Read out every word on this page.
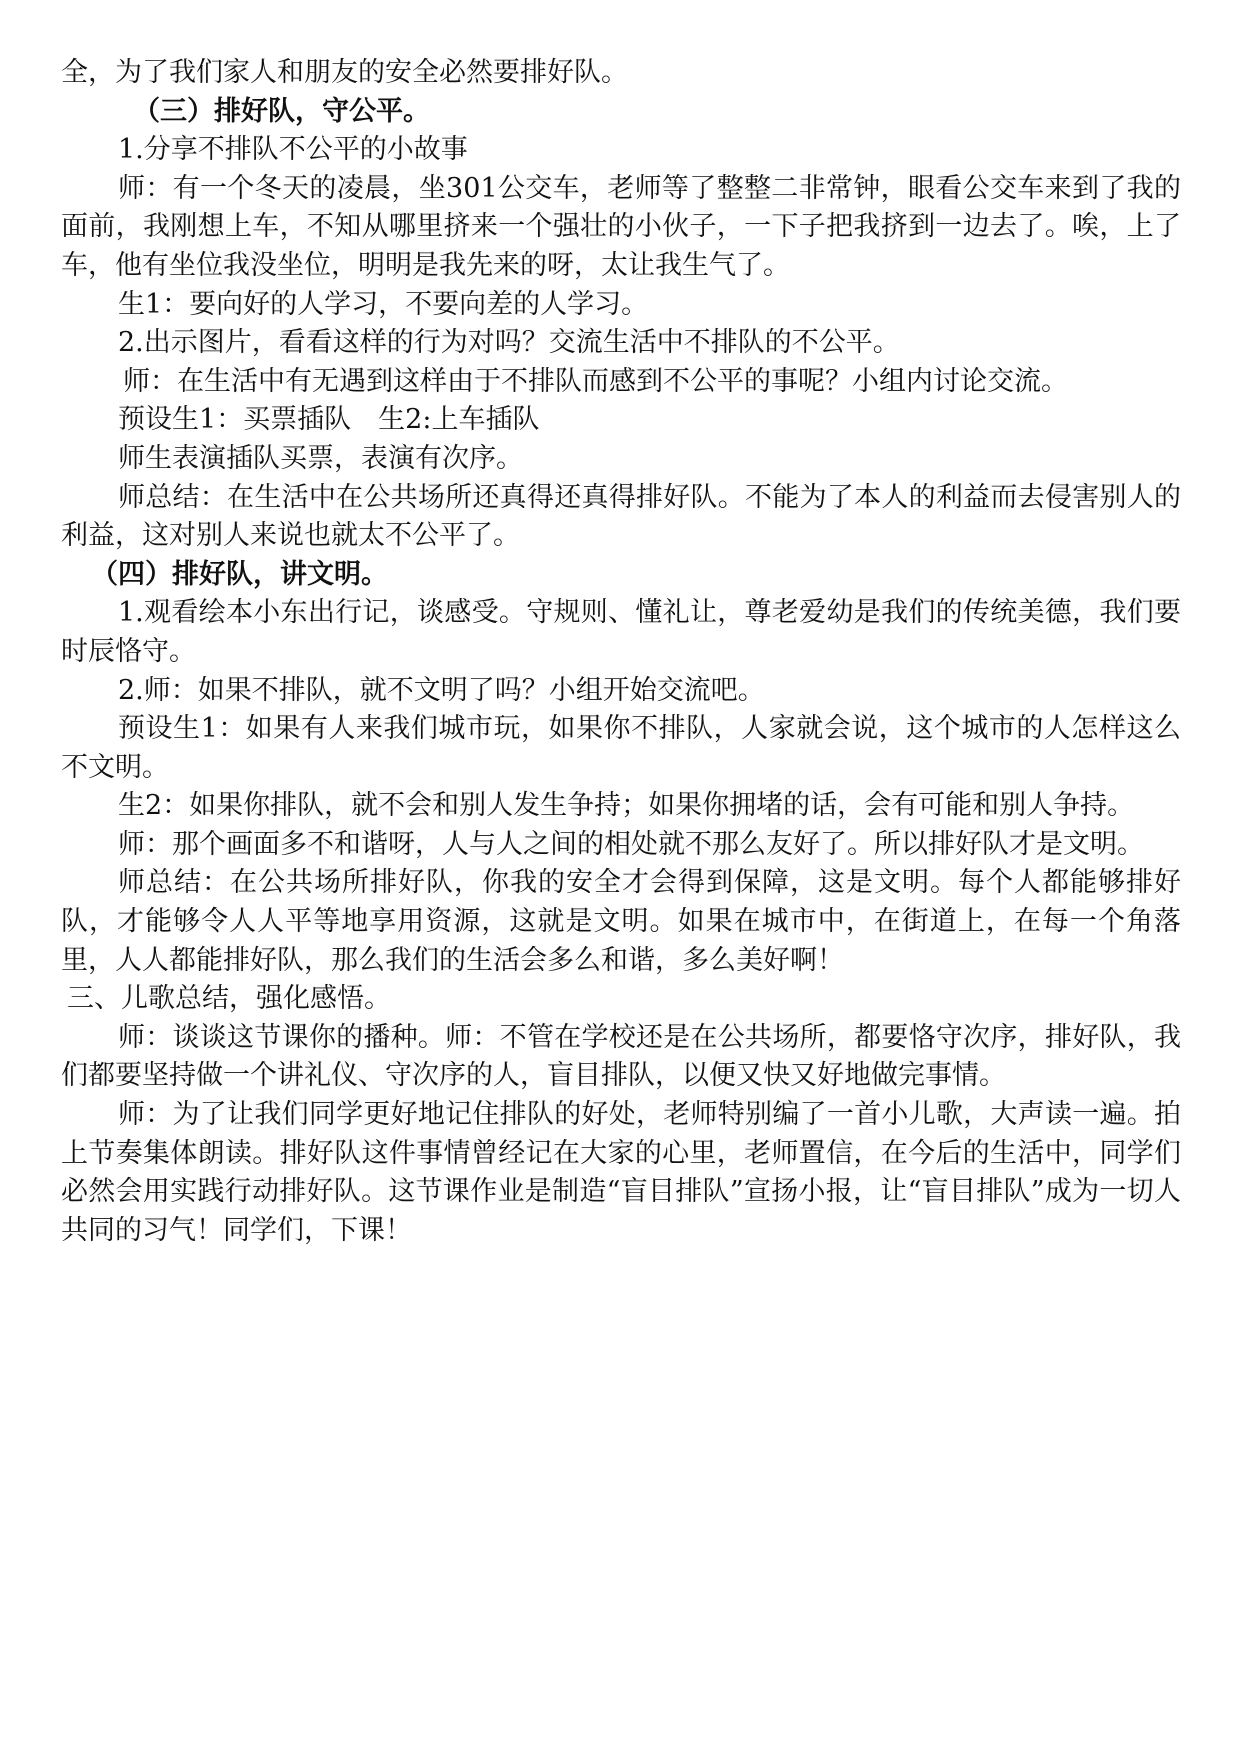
全，为了我们家人和朋友的安全必然要排好队。

（三）排好队，守公平。

1.分享不排队不公平的小故事

师：有一个冬天的凌晨，坐301公交车，老师等了整整二非常钟，眼看公交车来到了我的面前，我刚想上车，不知从哪里挤来一个强壮的小伙子，一下子把我挤到一边去了。唉，上了车，他有坐位我没坐位，明明是我先来的呀，太让我生气了。

生1：要向好的人学习，不要向差的人学习。

2.出示图片，看看这样的行为对吗？交流生活中不排队的不公平。

师：在生活中有无遇到这样由于不排队而感到不公平的事呢？小组内讨论交流。

预设生1：买票插队　生2:上车插队

师生表演插队买票，表演有次序。

师总结：在生活中在公共场所还真得还真得排好队。不能为了本人的利益而去侵害别人的利益，这对别人来说也就太不公平了。

（四）排好队，讲文明。

1.观看绘本小东出行记，谈感受。守规则、懂礼让，尊老爱幼是我们的传统美德，我们要时辰恪守。

2.师：如果不排队，就不文明了吗？小组开始交流吧。

预设生1：如果有人来我们城市玩，如果你不排队，人家就会说，这个城市的人怎样这么不文明。

生2：如果你排队，就不会和别人发生争持；如果你拥堵的话，会有可能和别人争持。

师：那个画面多不和谐呀，人与人之间的相处就不那么友好了。所以排好队才是文明。

师总结：在公共场所排好队，你我的安全才会得到保障，这是文明。每个人都能够排好队，才能够令人人平等地享用资源，这就是文明。如果在城市中，在街道上，在每一个角落里，人人都能排好队，那么我们的生活会多么和谐，多么美好啊！

三、儿歌总结，强化感悟。

师：谈谈这节课你的播种。师：不管在学校还是在公共场所，都要恪守次序，排好队，我们都要坚持做一个讲礼仪、守次序的人，盲目排队，以便又快又好地做完事情。

师：为了让我们同学更好地记住排队的好处，老师特别编了一首小儿歌，大声读一遍。拍上节奏集体朗读。排好队这件事情曾经记在大家的心里，老师置信，在今后的生活中，同学们必然会用实践行动排好队。这节课作业是制造“盲目排队”宣扬小报，让“盲目排队”成为一切人共同的习气！同学们，下课！
